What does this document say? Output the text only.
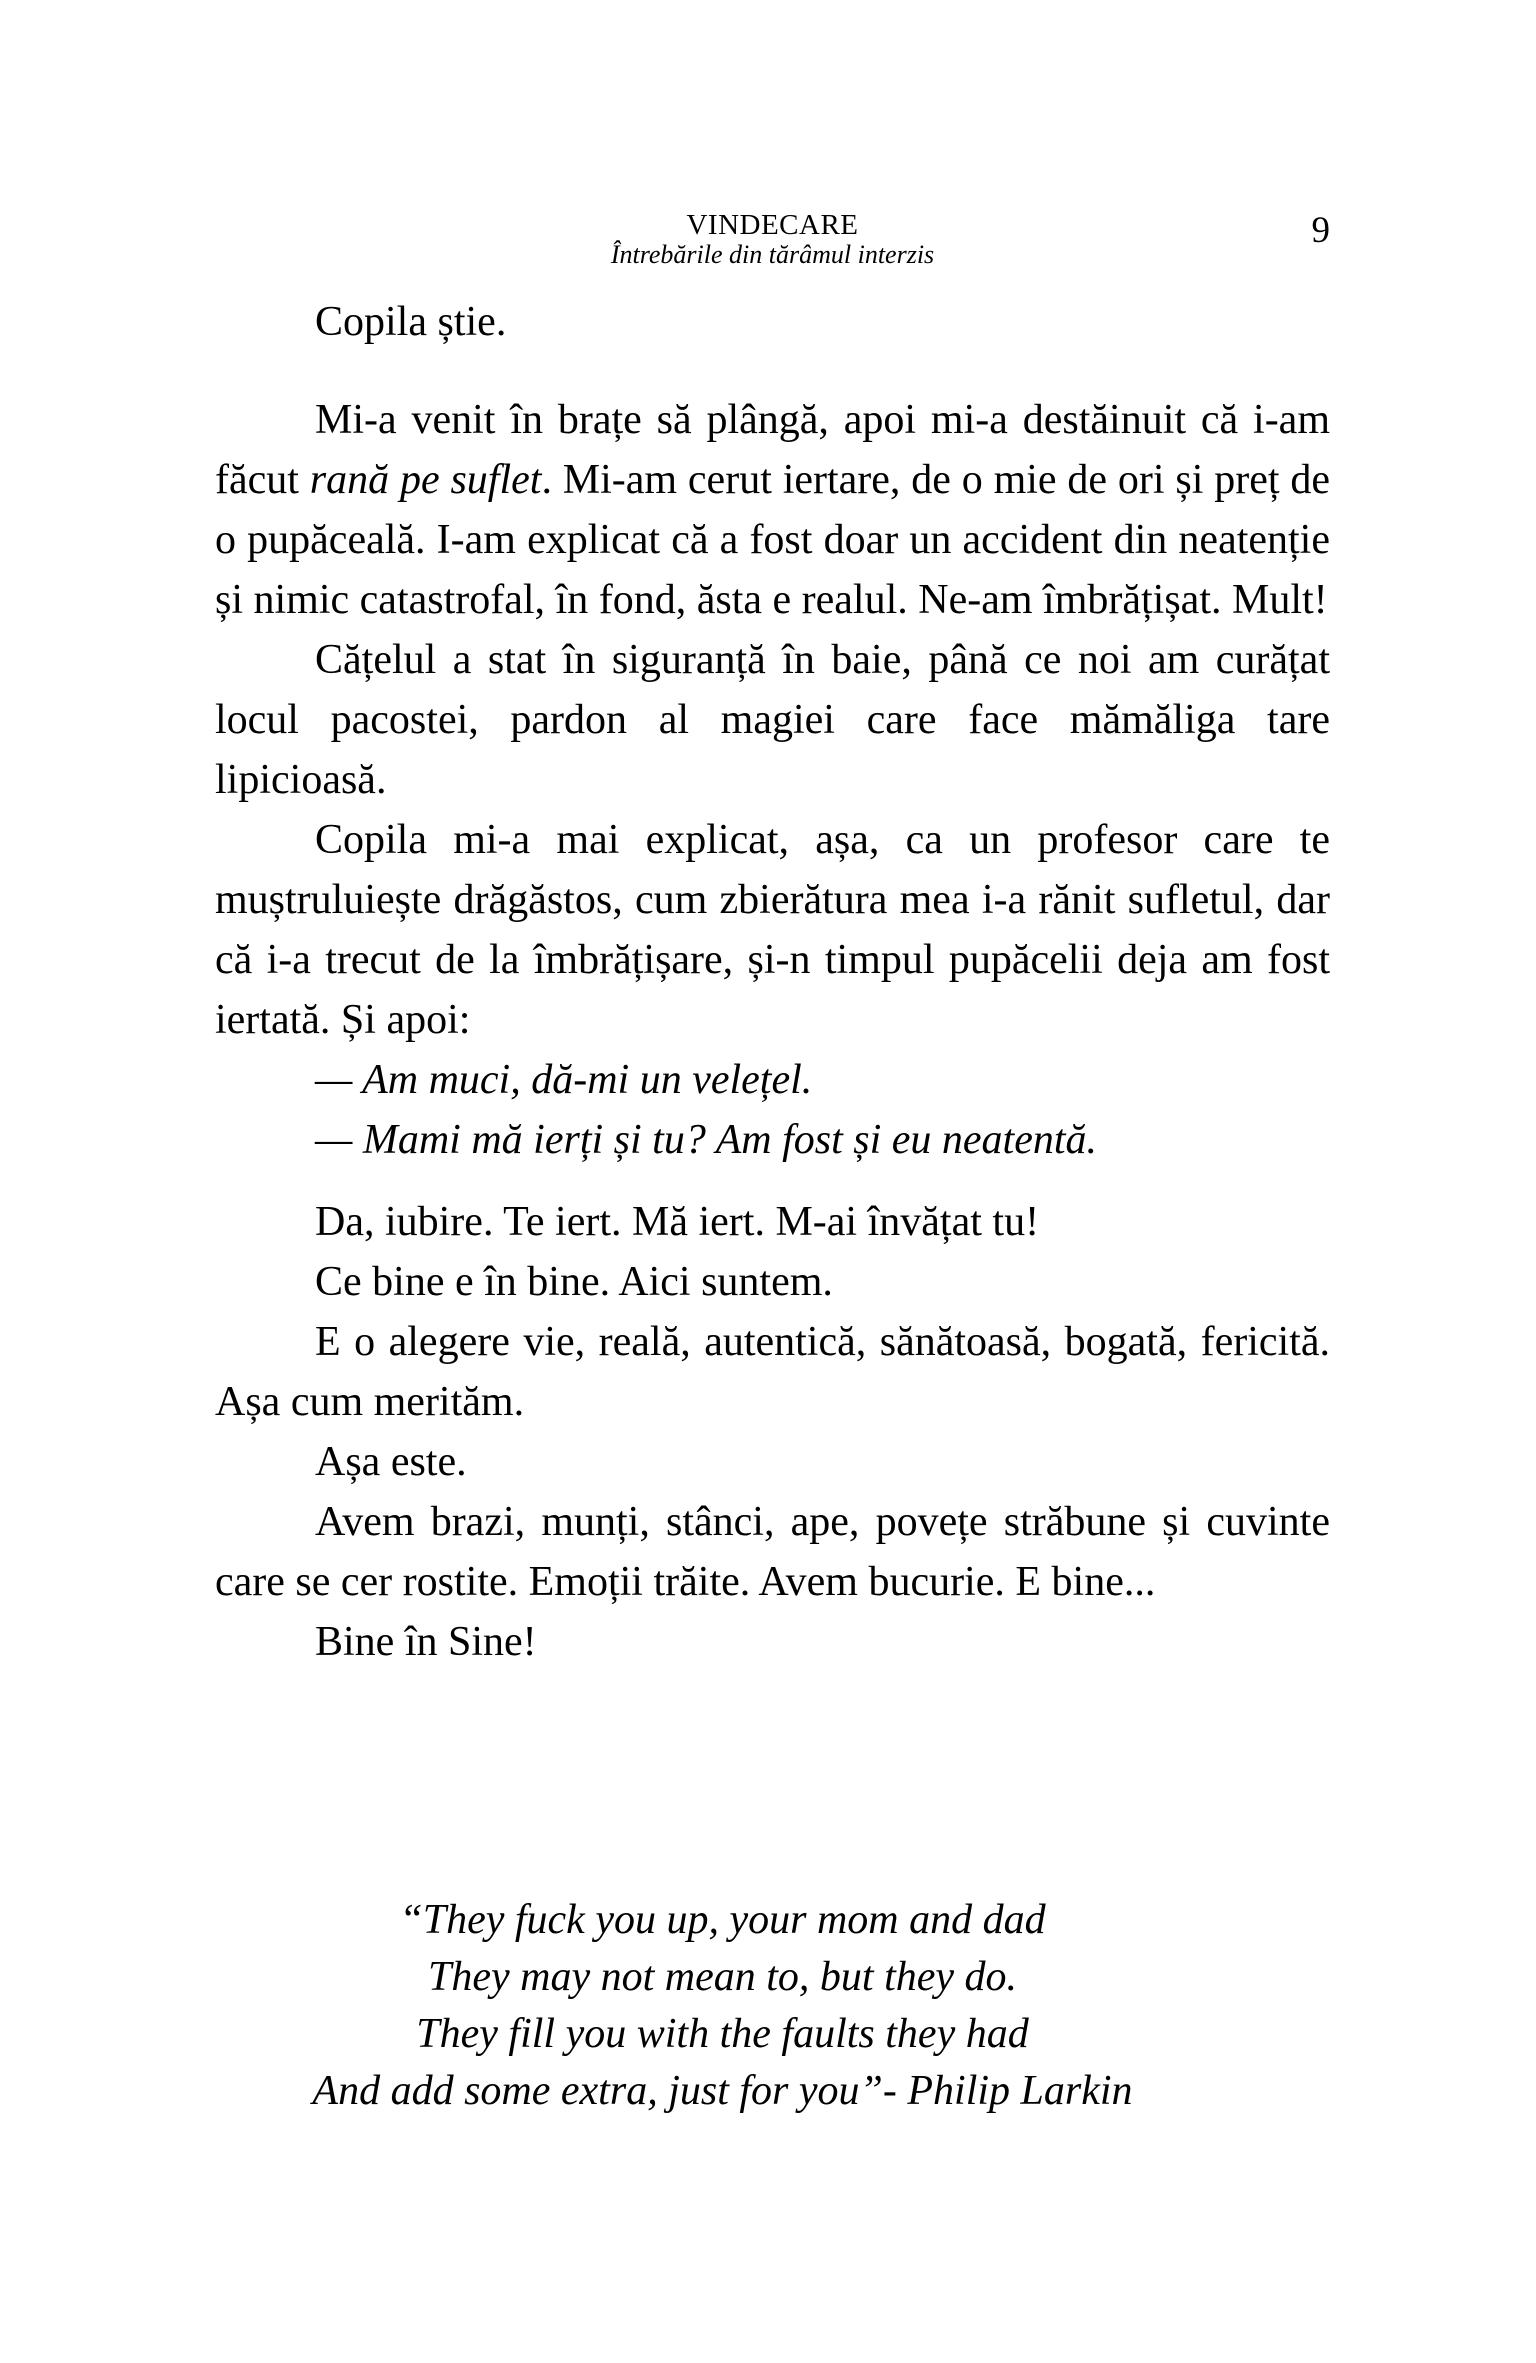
VINDECARE
Întrebările din tărâmul interzis
9

Copila știe.

Mi-a venit în brațe să plângă, apoi mi-a destăinuit că i-am făcut rană pe suflet. Mi-am cerut iertare, de o mie de ori și preț de o pupăceală. I-am explicat că a fost doar un accident din neatenție și nimic catastrofal, în fond, ăsta e realul. Ne-am îmbrățișat. Mult!

Cățelul a stat în siguranță în baie, până ce noi am curățat locul pacostei, pardon al magiei care face mămăliga tare lipicioasă.

Copila mi-a mai explicat, așa, ca un profesor care te muștruluiește drăgăstos, cum zbierătura mea i-a rănit sufletul, dar că i-a trecut de la îmbrățișare, și-n timpul pupăcelii deja am fost iertată. Și apoi:

— Am muci, dă-mi un velețel.

— Mami mă ierți și tu? Am fost și eu neatentă.

Da, iubire. Te iert. Mă iert. M-ai învățat tu!

Ce bine e în bine. Aici suntem.

E o alegere vie, reală, autentică, sănătoasă, bogată, fericită. Așa cum merităm.

Așa este.

Avem brazi, munți, stânci, ape, povețe străbune și cuvinte care se cer rostite. Emoții trăite. Avem bucurie. E bine...

Bine în Sine!

“They fuck you up, your mom and dad

They may not mean to, but they do.

They fill you with the faults they had

And add some extra, just for you”- Philip Larkin
